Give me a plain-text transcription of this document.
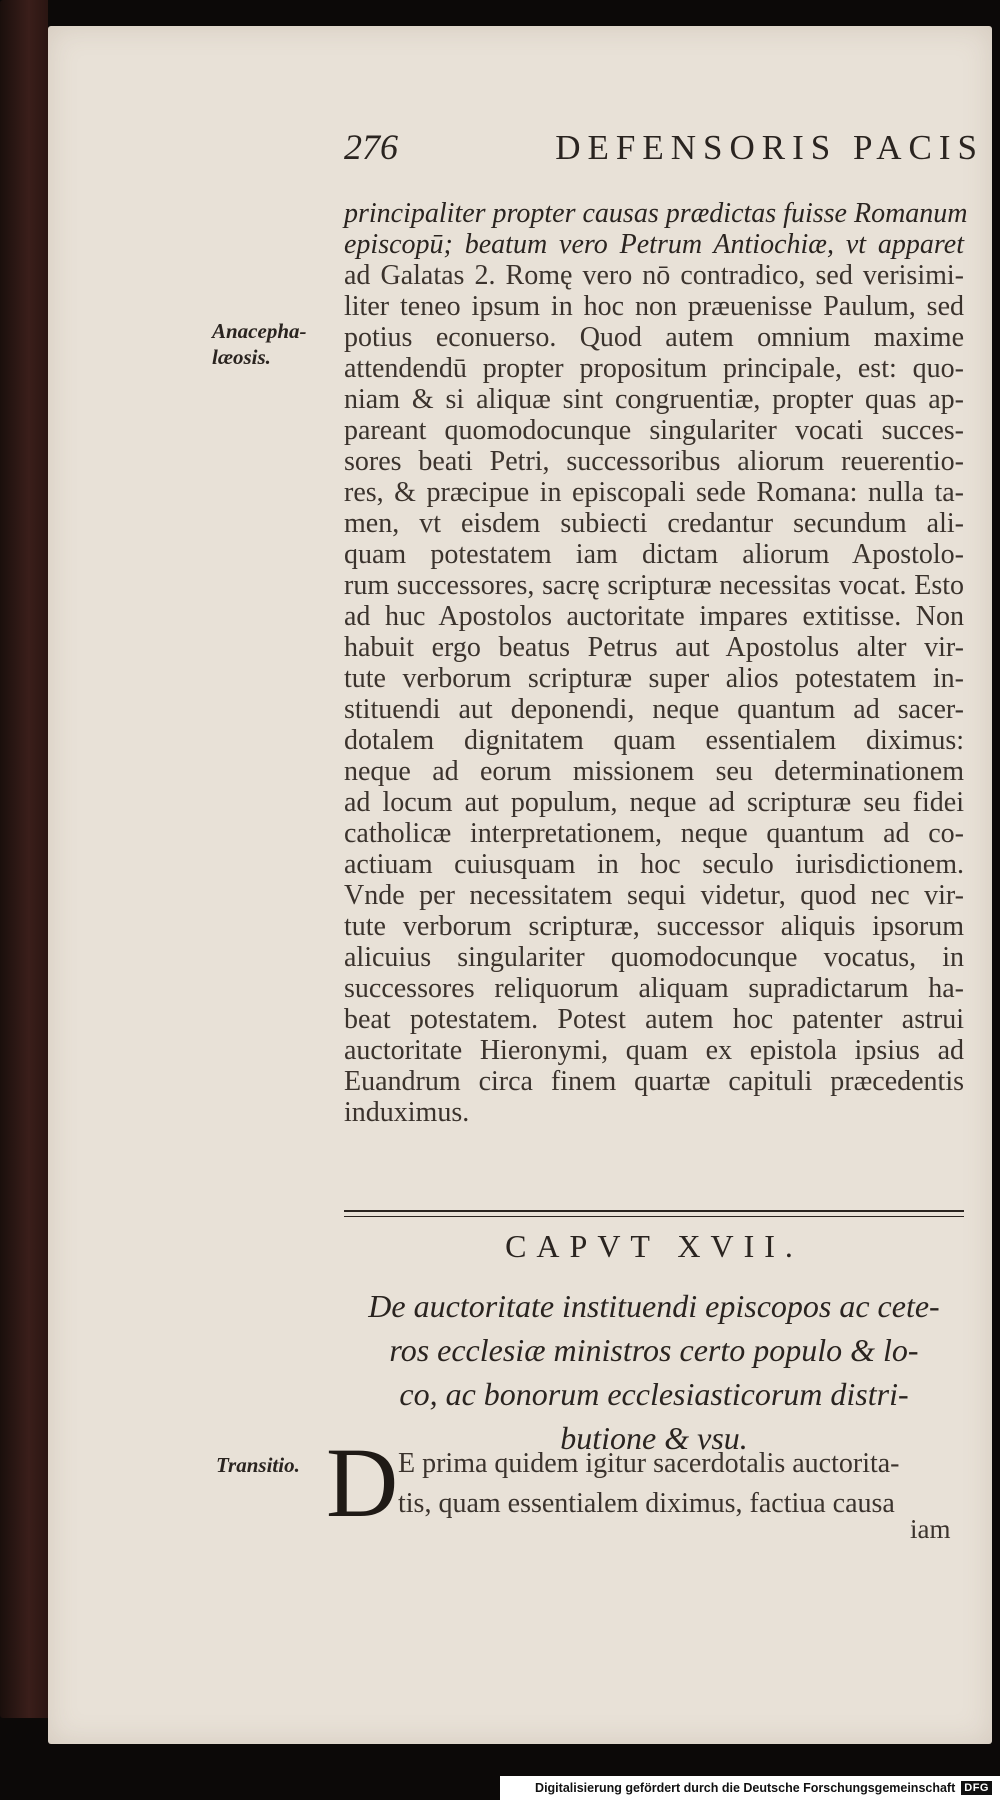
276	DEFENSORIS PACIS
Anacepha-
læosis.
principaliter propter causas prædictas fuisse Romanum
episcopū; beatum vero Petrum Antiochiæ, vt apparet
ad Galatas 2. Romę vero nō contradico, sed verisimi-
liter teneo ipsum in hoc non præuenisse Paulum, sed
potius econuerso. Quod autem omnium maxime
attendendū propter propositum principale, est: quo-
niam & si aliquæ sint congruentiæ, propter quas ap-
pareant quomodocunque singulariter vocati succes-
sores beati Petri, successoribus aliorum reuerentio-
res, & præcipue in episcopali sede Romana: nulla ta-
men, vt eisdem subiecti credantur secundum ali-
quam potestatem iam dictam aliorum Apostolo-
rum successores, sacrę scripturæ necessitas vocat. Esto
ad huc Apostolos auctoritate impares extitisse. Non
habuit ergo beatus Petrus aut Apostolus alter vir-
tute verborum scripturæ super alios potestatem in-
stituendi aut deponendi, neque quantum ad sacer-
dotalem dignitatem quam essentialem diximus:
neque ad eorum missionem seu determinationem
ad locum aut populum, neque ad scripturæ seu fidei
catholicæ interpretationem, neque quantum ad co-
actiuam cuiusquam in hoc seculo iurisdictionem.
Vnde per necessitatem sequi videtur, quod nec vir-
tute verborum scripturæ, successor aliquis ipsorum
alicuius singulariter quomodocunque vocatus, in
successores reliquorum aliquam supradictarum ha-
beat potestatem. Potest autem hoc patenter astrui
auctoritate Hieronymi, quam ex epistola ipsius ad
Euandrum circa finem quartæ capituli præcedentis
induximus.
CAPVT XVII.
De auctoritate instituendi episcopos ac cete-
ros ecclesiæ ministros certo populo & lo-
co, ac bonorum ecclesiasticorum distri-
butione & vsu.
Transitio. D E prima quidem igitur sacerdotalis auctorita-
tis, quam essentialem diximus, factiua causa
iam
Digitalisierung gefördert durch die Deutsche Forschungsgemeinschaft DFG
